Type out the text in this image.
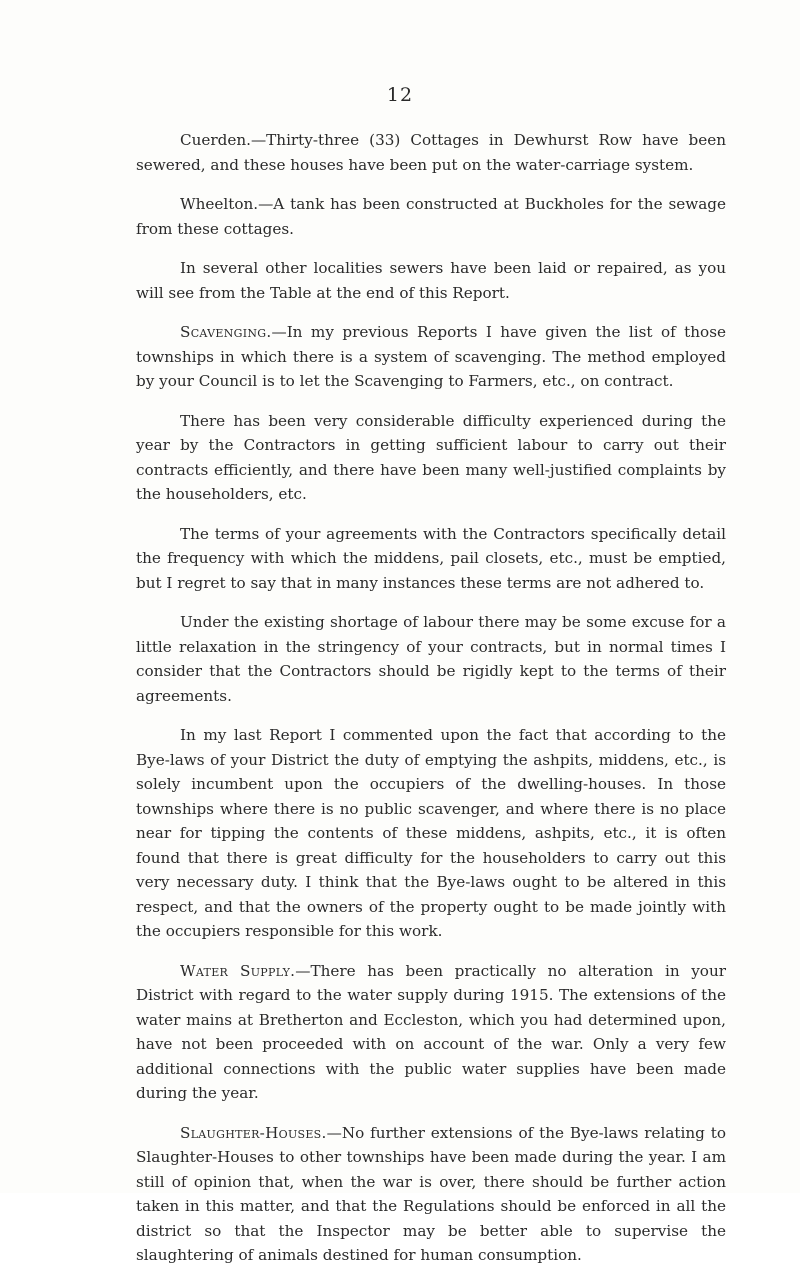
12

Cuerden.—Thirty-three (33) Cottages in Dewhurst Row have been sewered, and these houses have been put on the water-carriage system.

Wheelton.—A tank has been constructed at Buckholes for the sewage from these cottages.

In several other localities sewers have been laid or repaired, as you will see from the Table at the end of this Report.

Scavenging.—In my previous Reports I have given the list of those townships in which there is a system of scavenging. The method employed by your Council is to let the Scavenging to Farmers, etc., on contract.

There has been very considerable difficulty experienced during the year by the Contractors in getting sufficient labour to carry out their contracts efficiently, and there have been many well-justified complaints by the householders, etc.

The terms of your agreements with the Contractors specifically detail the frequency with which the middens, pail closets, etc., must be emptied, but I regret to say that in many instances these terms are not adhered to.

Under the existing shortage of labour there may be some excuse for a little relaxation in the stringency of your contracts, but in normal times I consider that the Contractors should be rigidly kept to the terms of their agreements.

In my last Report I commented upon the fact that according to the Bye-laws of your District the duty of emptying the ashpits, middens, etc., is solely incumbent upon the occupiers of the dwelling-houses. In those townships where there is no public scavenger, and where there is no place near for tipping the contents of these middens, ashpits, etc., it is often found that there is great difficulty for the householders to carry out this very necessary duty. I think that the Bye-laws ought to be altered in this respect, and that the owners of the property ought to be made jointly with the occupiers responsible for this work.

Water Supply.—There has been practically no alteration in your District with regard to the water supply during 1915. The extensions of the water mains at Bretherton and Eccleston, which you had determined upon, have not been proceeded with on account of the war. Only a very few additional connections with the public water supplies have been made during the year.

Slaughter-Houses.—No further extensions of the Bye-laws relating to Slaughter-Houses to other townships have been made during the year. I am still of opinion that, when the war is over, there should be further action taken in this matter, and that the Regulations should be enforced in all the district so that the Inspector may be better able to supervise the slaughtering of animals destined for human consumption.
